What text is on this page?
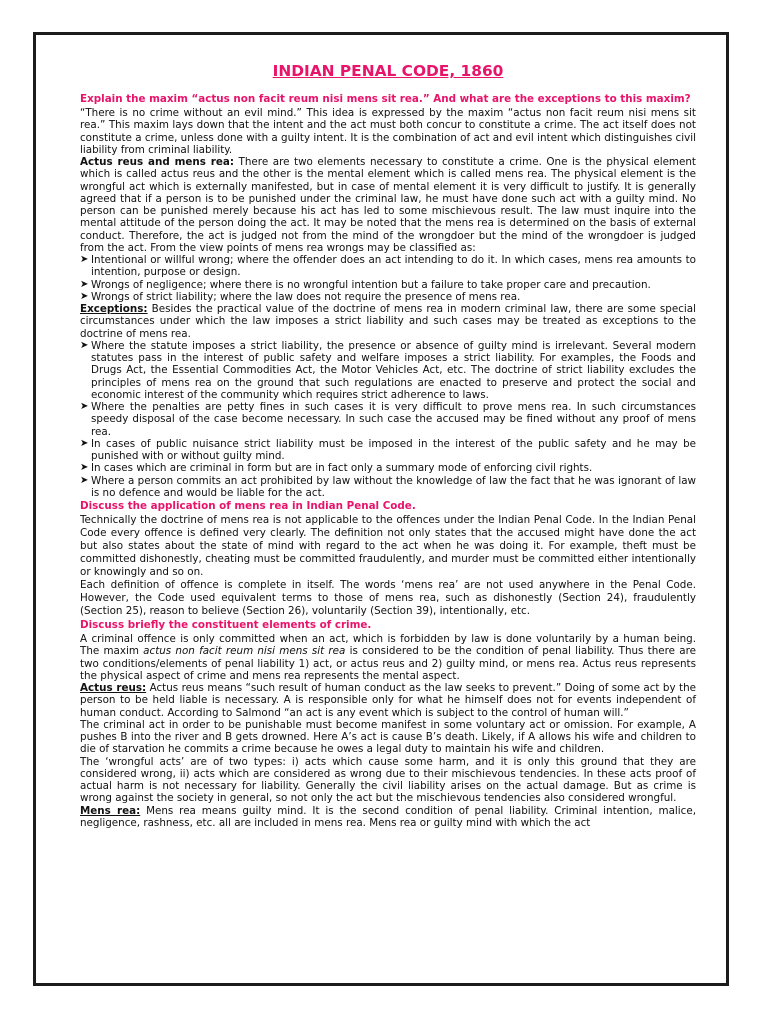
INDIAN PENAL CODE, 1860

Explain the maxim “actus non facit reum nisi mens sit rea.” And what are the exceptions to this maxim?

“There is no crime without an evil mind.” This idea is expressed by the maxim “actus non facit reum nisi mens sit rea.” This maxim lays down that the intent and the act must both concur to constitute a crime. The act itself does not constitute a crime, unless done with a guilty intent. It is the combination of act and evil intent which distinguishes civil liability from criminal liability.

Actus reus and mens rea: There are two elements necessary to constitute a crime. One is the physical element which is called actus reus and the other is the mental element which is called mens rea. The physical element is the wrongful act which is externally manifested, but in case of mental element it is very difficult to justify. It is generally agreed that if a person is to be punished under the criminal law, he must have done such act with a guilty mind. No person can be punished merely because his act has led to some mischievous result. The law must inquire into the mental attitude of the person doing the act. It may be noted that the mens rea is determined on the basis of external conduct. Therefore, the act is judged not from the mind of the wrongdoer but the mind of the wrongdoer is judged from the act. From the view points of mens rea wrongs may be classified as:

➤ Intentional or willful wrong; where the offender does an act intending to do it. In which cases, mens rea amounts to intention, purpose or design.
➤ Wrongs of negligence; where there is no wrongful intention but a failure to take proper care and precaution.
➤ Wrongs of strict liability; where the law does not require the presence of mens rea.

Exceptions: Besides the practical value of the doctrine of mens rea in modern criminal law, there are some special circumstances under which the law imposes a strict liability and such cases may be treated as exceptions to the doctrine of mens rea.

➤ Where the statute imposes a strict liability, the presence or absence of guilty mind is irrelevant. Several modern statutes pass in the interest of public safety and welfare imposes a strict liability. For examples, the Foods and Drugs Act, the Essential Commodities Act, the Motor Vehicles Act, etc. The doctrine of strict liability excludes the principles of mens rea on the ground that such regulations are enacted to preserve and protect the social and economic interest of the community which requires strict adherence to laws.
➤ Where the penalties are petty fines in such cases it is very difficult to prove mens rea. In such circumstances speedy disposal of the case become necessary. In such case the accused may be fined without any proof of mens rea.
➤ In cases of public nuisance strict liability must be imposed in the interest of the public safety and he may be punished with or without guilty mind.
➤ In cases which are criminal in form but are in fact only a summary mode of enforcing civil rights.
➤ Where a person commits an act prohibited by law without the knowledge of law the fact that he was ignorant of law is no defence and would be liable for the act.

Discuss the application of mens rea in Indian Penal Code.

Technically the doctrine of mens rea is not applicable to the offences under the Indian Penal Code. In the Indian Penal Code every offence is defined very clearly. The definition not only states that the accused might have done the act but also states about the state of mind with regard to the act when he was doing it. For example, theft must be committed dishonestly, cheating must be committed fraudulently, and murder must be committed either intentionally or knowingly and so on.

Each definition of offence is complete in itself. The words ‘mens rea’ are not used anywhere in the Penal Code. However, the Code used equivalent terms to those of mens rea, such as dishonestly (Section 24), fraudulently (Section 25), reason to believe (Section 26), voluntarily (Section 39), intentionally, etc.

Discuss briefly the constituent elements of crime.

A criminal offence is only committed when an act, which is forbidden by law is done voluntarily by a human being. The maxim actus non facit reum nisi mens sit rea is considered to be the condition of penal liability. Thus there are two conditions/elements of penal liability 1) act, or actus reus and 2) guilty mind, or mens rea. Actus reus represents the physical aspect of crime and mens rea represents the mental aspect.

Actus reus: Actus reus means “such result of human conduct as the law seeks to prevent.” Doing of some act by the person to be held liable is necessary. A is responsible only for what he himself does not for events independent of human conduct. According to Salmond “an act is any event which is subject to the control of human will.”

The criminal act in order to be punishable must become manifest in some voluntary act or omission. For example, A pushes B into the river and B gets drowned. Here A’s act is cause B’s death. Likely, if A allows his wife and children to die of starvation he commits a crime because he owes a legal duty to maintain his wife and children.

The ‘wrongful acts’ are of two types: i) acts which cause some harm, and it is only this ground that they are considered wrong, ii) acts which are considered as wrong due to their mischievous tendencies. In these acts proof of actual harm is not necessary for liability. Generally the civil liability arises on the actual damage. But as crime is wrong against the society in general, so not only the act but the mischievous tendencies also considered wrongful.

Mens rea: Mens rea means guilty mind. It is the second condition of penal liability. Criminal intention, malice, negligence, rashness, etc. all are included in mens rea. Mens rea or guilty mind with which the act
